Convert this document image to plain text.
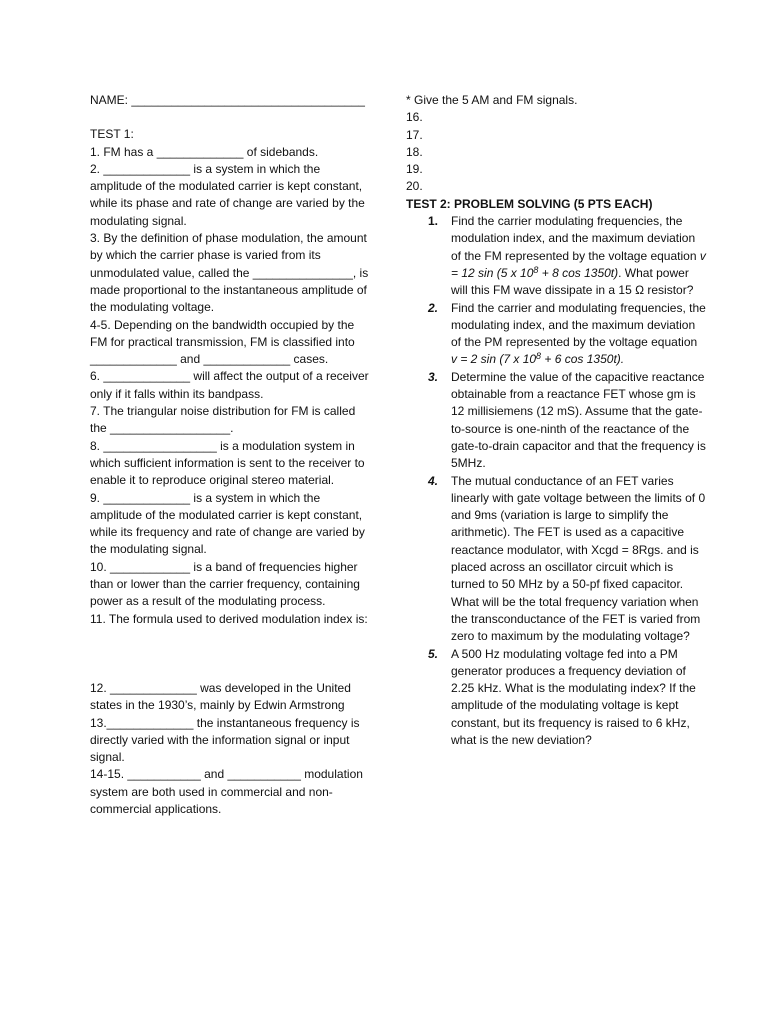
NAME: ___________________________________
TEST 1:
1. FM has a _____________ of sidebands.
2. _____________ is a system in which the amplitude of the modulated carrier is kept constant, while its phase and rate of change are varied by the modulating signal.
3. By the definition of phase modulation, the amount by which the carrier phase is varied from its unmodulated value, called the _______________, is made proportional to the instantaneous amplitude of the modulating voltage.
4-5. Depending on the bandwidth occupied by the FM for practical transmission, FM is classified into _____________ and _____________ cases.
6. _____________ will affect the output of a receiver only if it falls within its bandpass.
7. The triangular noise distribution for FM is called the __________________.
8. _________________ is a modulation system in which sufficient information is sent to the receiver to enable it to reproduce original stereo material.
9. _____________ is a system in which the amplitude of the modulated carrier is kept constant, while its frequency and rate of change are varied by the modulating signal.
10. ____________ is a band of frequencies higher than or lower than the carrier frequency, containing power as a result of the modulating process.
11. The formula used to derived modulation index is:
12. _____________ was developed in the United states in the 1930’s, mainly by Edwin Armstrong
13._____________ the instantaneous frequency is directly varied with the information signal or input signal.
14-15. ___________ and ___________ modulation system are both used in commercial and non-commercial applications.
* Give the 5 AM and FM signals.
16.
17.
18.
19.
20.
TEST 2: PROBLEM SOLVING (5 PTS EACH)
1. Find the carrier modulating frequencies, the modulation index, and the maximum deviation of the FM represented by the voltage equation v = 12 sin (5 x $10^8 + 8$ cos 1350t). What power will this FM wave dissipate in a 15 Ω resistor?
2. Find the carrier and modulating frequencies, the modulating index, and the maximum deviation of the PM represented by the voltage equation
v = 2 sin (7 x $10^8 + 6$ cos 1350t).
3. Determine the value of the capacitive reactance obtainable from a reactance FET whose gm is 12 millisiemens (12 mS). Assume that the gate-to-source is one-ninth of the reactance of the gate-to-drain capacitor and that the frequency is 5MHz.
4. The mutual conductance of an FET varies linearly with gate voltage between the limits of 0 and 9ms (variation is large to simplify the arithmetic). The FET is used as a capacitive reactance modulator, with Xcgd = 8Rgs. and is placed across an oscillator circuit which is turned to 50 MHz by a 50-pf fixed capacitor. What will be the total frequency variation when the transconductance of the FET is varied from zero to maximum by the modulating voltage?
5. A 500 Hz modulating voltage fed into a PM generator produces a frequency deviation of 2.25 kHz. What is the modulating index? If the amplitude of the modulating voltage is kept constant, but its frequency is raised to 6 kHz, what is the new deviation?
